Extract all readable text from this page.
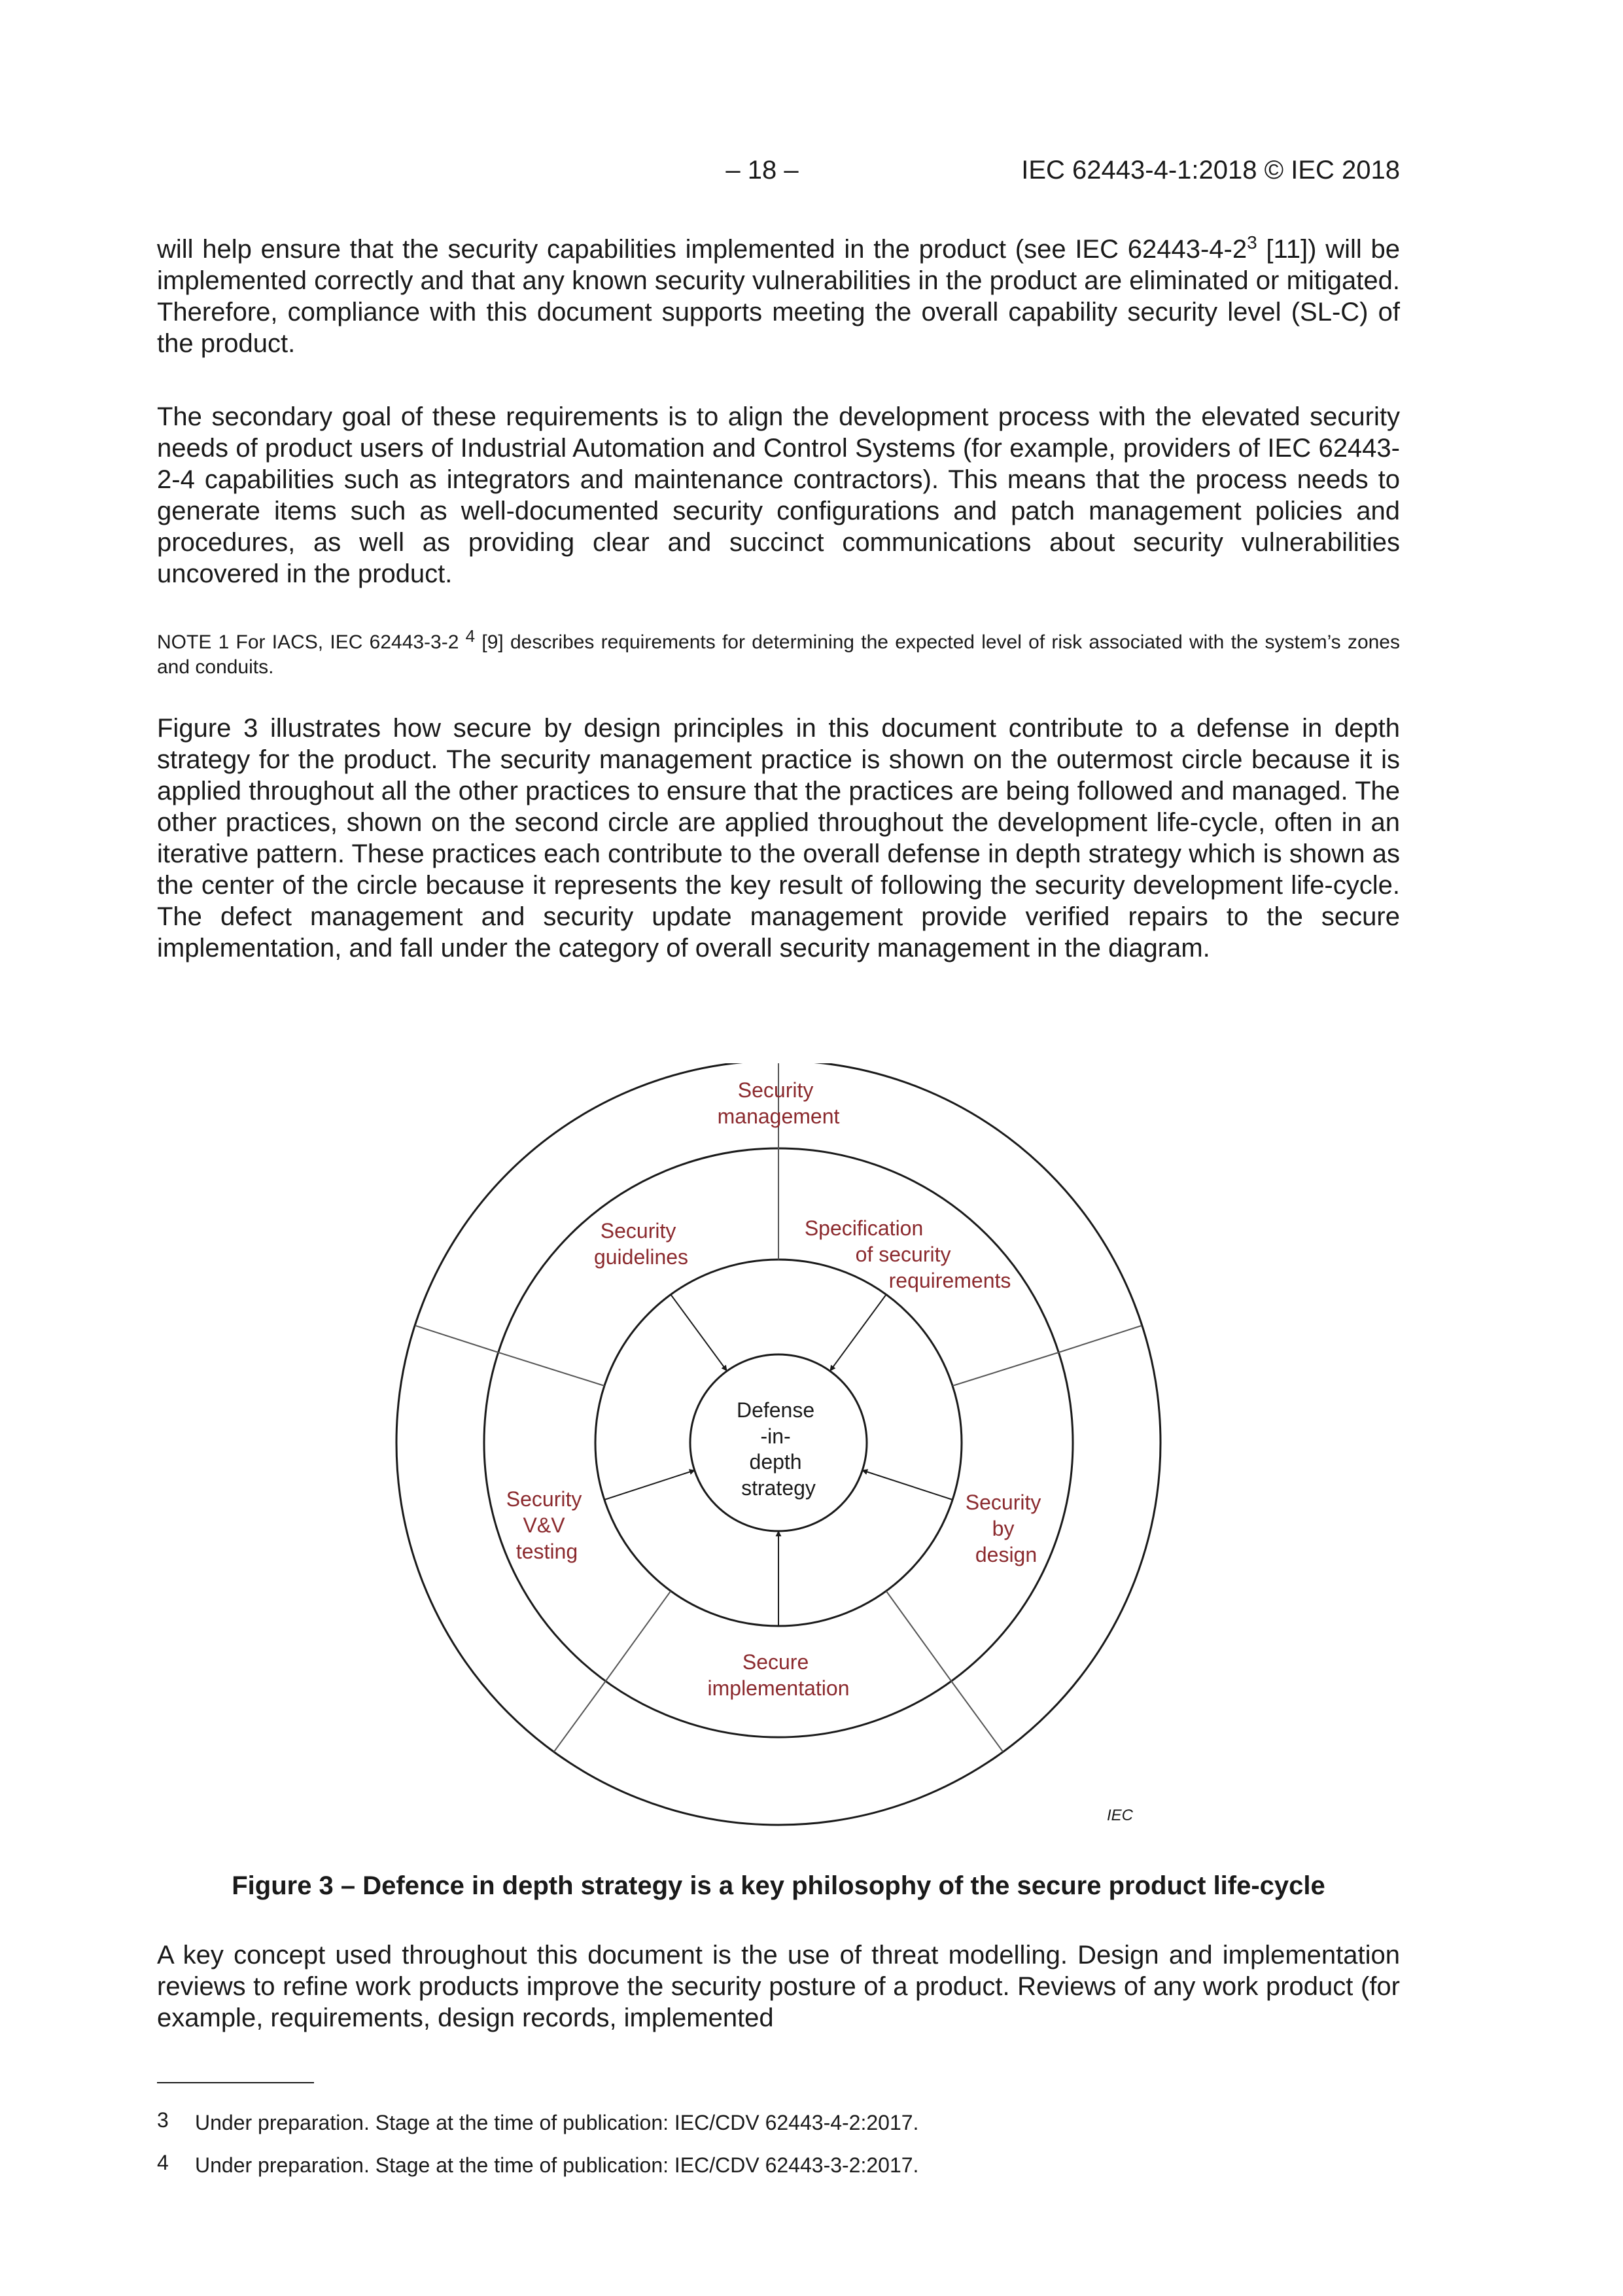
– 18 –	IEC 62443-4-1:2018 © IEC 2018

will help ensure that the security capabilities implemented in the product (see IEC $62443-4-2^3$ [11]) will be implemented correctly and that any known security vulnerabilities in the product are eliminated or mitigated. Therefore, compliance with this document supports meeting the overall capability security level (SL-C) of the product.

The secondary goal of these requirements is to align the development process with the elevated security needs of product users of Industrial Automation and Control Systems (for example, providers of IEC 62443-2-4 capabilities such as integrators and maintenance contractors). This means that the process needs to generate items such as well-documented security configurations and patch management policies and procedures, as well as providing clear and succinct communications about security vulnerabilities uncovered in the product.

NOTE 1 For IACS, IEC 62443-3-2 $^4$ [9] describes requirements for determining the expected level of risk associated with the system’s zones and conduits.

Figure 3 illustrates how secure by design principles in this document contribute to a defense in depth strategy for the product. The security management practice is shown on the outermost circle because it is applied throughout all the other practices to ensure that the practices are being followed and managed. The other practices, shown on the second circle are applied throughout the development life-cycle, often in an iterative pattern. These practices each contribute to the overall defense in depth strategy which is shown as the center of the circle because it represents the key result of following the security development life-cycle. The defect management and security update management provide verified repairs to the secure implementation, and fall under the category of overall security management in the diagram.

Security management
Security guidelines
Specification of security requirements
Security by design
Secure implementation
Security V&V testing
Defense -in- depth strategy
IEC

Figure 3 – Defence in depth strategy is a key philosophy of the secure product life-cycle

A key concept used throughout this document is the use of threat modelling. Design and implementation reviews to refine work products improve the security posture of a product. Reviews of any work product (for example, requirements, design records, implemented

3 Under preparation. Stage at the time of publication: IEC/CDV 62443-4-2:2017.

4 Under preparation. Stage at the time of publication: IEC/CDV 62443-3-2:2017.
